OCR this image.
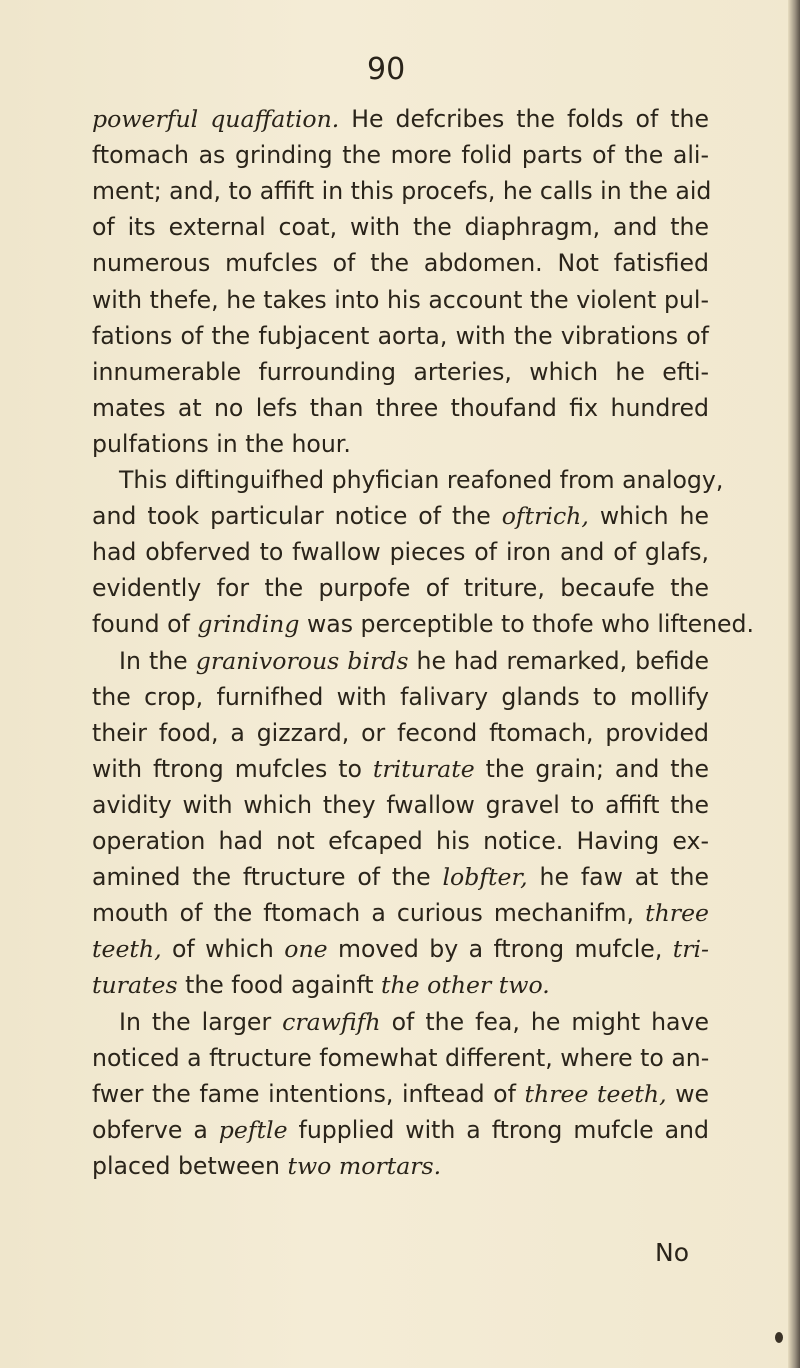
90
powerful quaffation. He defcribes the folds of the
ftomach as grinding the more folid parts of the ali-
ment; and, to affift in this procefs, he calls in the aid
of its external coat, with the diaphragm, and the
numerous mufcles of the abdomen. Not fatisfied
with thefe, he takes into his account the violent pul-
fations of the fubjacent aorta, with the vibrations of
innumerable furrounding arteries, which he efti-
mates at no lefs than three thoufand fix hundred
pulfations in the hour.
This diftinguifhed phyfician reafoned from analogy,
and took particular notice of the oftrich, which he
had obferved to fwallow pieces of iron and of glafs,
evidently for the purpofe of triture, becaufe the
found of grinding was perceptible to thofe who liftened.
In the granivorous birds he had remarked, befide
the crop, furnifhed with falivary glands to mollify
their food, a gizzard, or fecond ftomach, provided
with ftrong mufcles to triturate the grain; and the
avidity with which they fwallow gravel to affift the
operation had not efcaped his notice. Having ex-
amined the ftructure of the lobfter, he faw at the
mouth of the ftomach a curious mechanifm, three
teeth, of which one moved by a ftrong mufcle, tri-
turates the food againft the other two.
In the larger crawfifh of the fea, he might have
noticed a ftructure fomewhat different, where to an-
fwer the fame intentions, inftead of three teeth, we
obferve a peftle fupplied with a ftrong mufcle and
placed between two mortars.
No
